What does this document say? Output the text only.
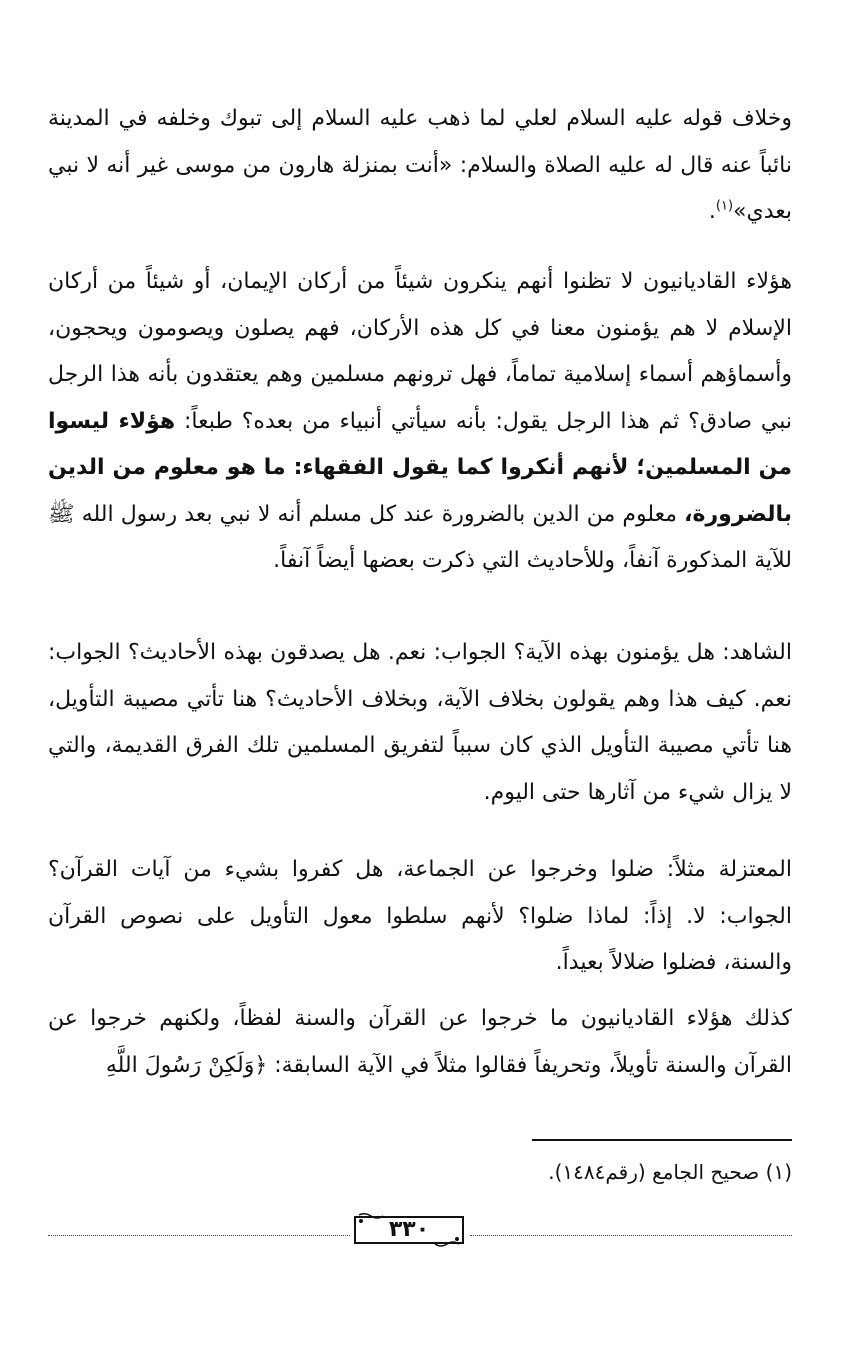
وخلاف قوله عليه السلام لعلي لما ذهب عليه السلام إلى تبوك وخلفه في المدينة نائباً عنه قال له عليه الصلاة والسلام: «أنت بمنزلة هارون من موسى غير أنه لا نبي بعدي»$^{(١)}$.

هؤلاء القاديانيون لا تظنوا أنهم ينكرون شيئاً من أركان الإيمان، أو شيئاً من أركان الإسلام لا هم يؤمنون معنا في كل هذه الأركان، فهم يصلون ويصومون ويحجون، وأسماؤهم أسماء إسلامية تماماً، فهل ترونهم مسلمين وهم يعتقدون بأنه هذا الرجل نبي صادق؟ ثم هذا الرجل يقول: بأنه سيأتي أنبياء من بعده؟ طبعاً: هؤلاء ليسوا من المسلمين؛ لأنهم أنكروا كما يقول الفقهاء: ما هو معلوم من الدين بالضرورة، معلوم من الدين بالضرورة عند كل مسلم أنه لا نبي بعد رسول الله ﷺ للآية المذكورة آنفاً، وللأحاديث التي ذكرت بعضها أيضاً آنفاً.

الشاهد: هل يؤمنون بهذه الآية؟ الجواب: نعم. هل يصدقون بهذه الأحاديث؟ الجواب: نعم. كيف هذا وهم يقولون بخلاف الآية، وبخلاف الأحاديث؟ هنا تأتي مصيبة التأويل، هنا تأتي مصيبة التأويل الذي كان سبباً لتفريق المسلمين تلك الفرق القديمة، والتي لا يزال شيء من آثارها حتى اليوم.

المعتزلة مثلاً: ضلوا وخرجوا عن الجماعة، هل كفروا بشيء من آيات القرآن؟ الجواب: لا. إذاً: لماذا ضلوا؟ لأنهم سلطوا معول التأويل على نصوص القرآن والسنة، فضلوا ضلالاً بعيداً.

كذلك هؤلاء القاديانيون ما خرجوا عن القرآن والسنة لفظاً، ولكنهم خرجوا عن القرآن والسنة تأويلاً، وتحريفاً فقالوا مثلاً في الآية السابقة: ﴿وَلَكِنْ رَسُولَ اللَّهِ

(١) صحيح الجامع (رقم١٤٨٤).

٣٣٠
